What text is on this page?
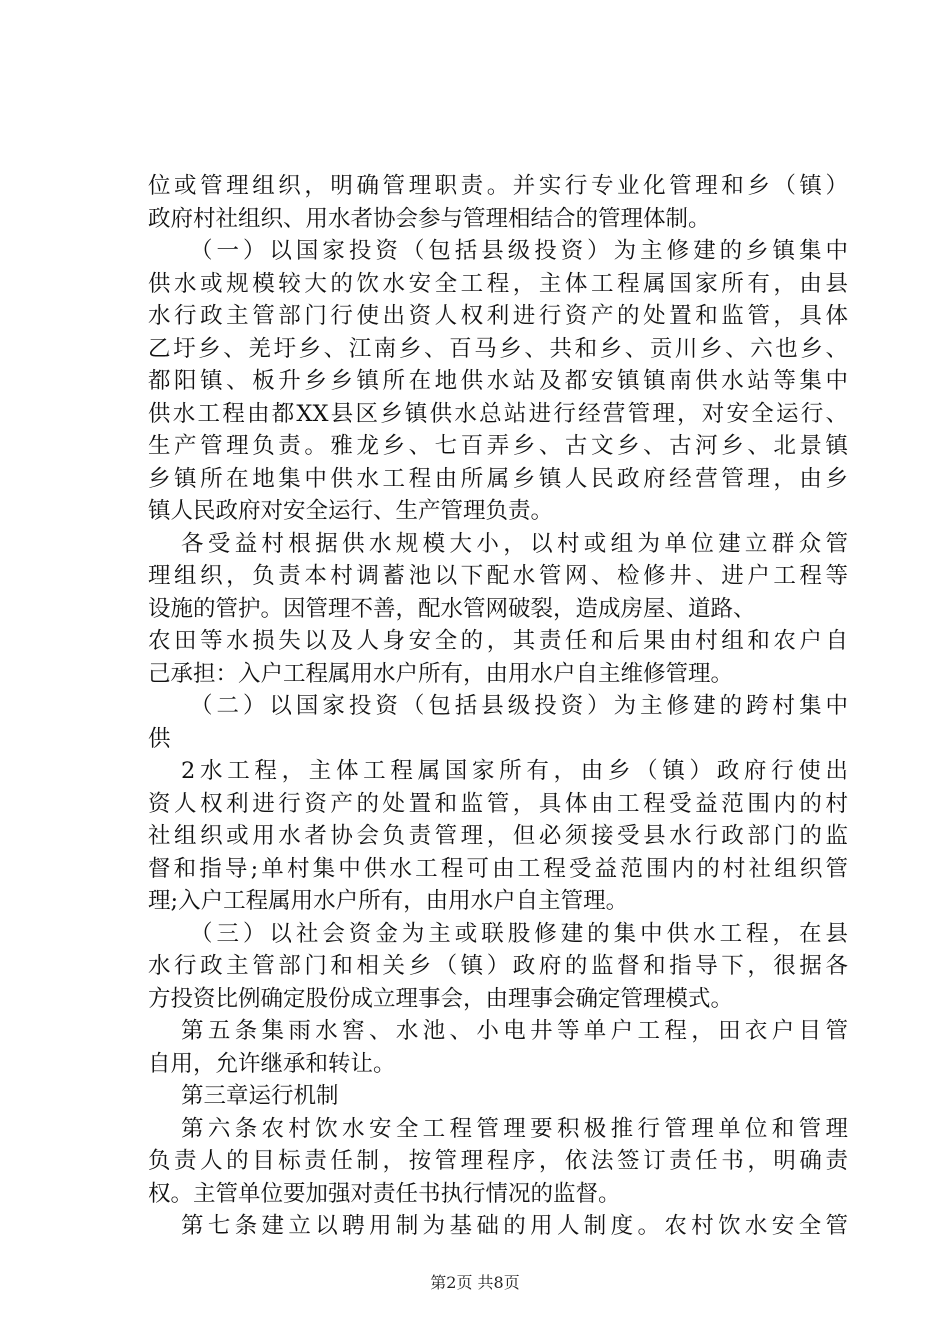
位或管理组织，明确管理职责。并实行专业化管理和乡（镇）
政府村社组织、用水者协会参与管理相结合的管理体制。
（一）以国家投资（包括县级投资）为主修建的乡镇集中
供水或规模较大的饮水安全工程，主体工程属国家所有，由县
水行政主管部门行使出资人权利进行资产的处置和监管，具体
乙圩乡、羌圩乡、江南乡、百马乡、共和乡、贡川乡、六也乡、
都阳镇、板升乡乡镇所在地供水站及都安镇镇南供水站等集中
供水工程由都XX县区乡镇供水总站进行经营管理，对安全运行、
生产管理负责。雅龙乡、七百弄乡、古文乡、古河乡、北景镇
乡镇所在地集中供水工程由所属乡镇人民政府经营管理，由乡
镇人民政府对安全运行、生产管理负责。
各受益村根据供水规模大小，以村或组为单位建立群众管
理组织，负责本村调蓄池以下配水管网、检修井、进户工程等
设施的管护。因管理不善，配水管网破裂，造成房屋、道路、
农田等水损失以及人身安全的，其责任和后果由村组和农户自
己承担：入户工程属用水户所有，由用水户自主维修管理。
（二）以国家投资（包括县级投资）为主修建的跨村集中
供
2水工程，主体工程属国家所有，由乡（镇）政府行使出
资人权利进行资产的处置和监管，具体由工程受益范围内的村
社组织或用水者协会负责管理，但必须接受县水行政部门的监
督和指导;单村集中供水工程可由工程受益范围内的村社组织管
理;入户工程属用水户所有，由用水户自主管理。
（三）以社会资金为主或联股修建的集中供水工程，在县
水行政主管部门和相关乡（镇）政府的监督和指导下，很据各
方投资比例确定股份成立理事会，由理事会确定管理模式。
第五条集雨水窖、水池、小电井等单户工程，田衣户目管
自用，允许继承和转让。
第三章运行机制
第六条农村饮水安全工程管理要积极推行管理单位和管理
负责人的目标责任制，按管理程序，依法签订责任书，明确责
权。主管单位要加强对责任书执行情况的监督。
第七条建立以聘用制为基础的用人制度。农村饮水安全管
第2页 共8页
